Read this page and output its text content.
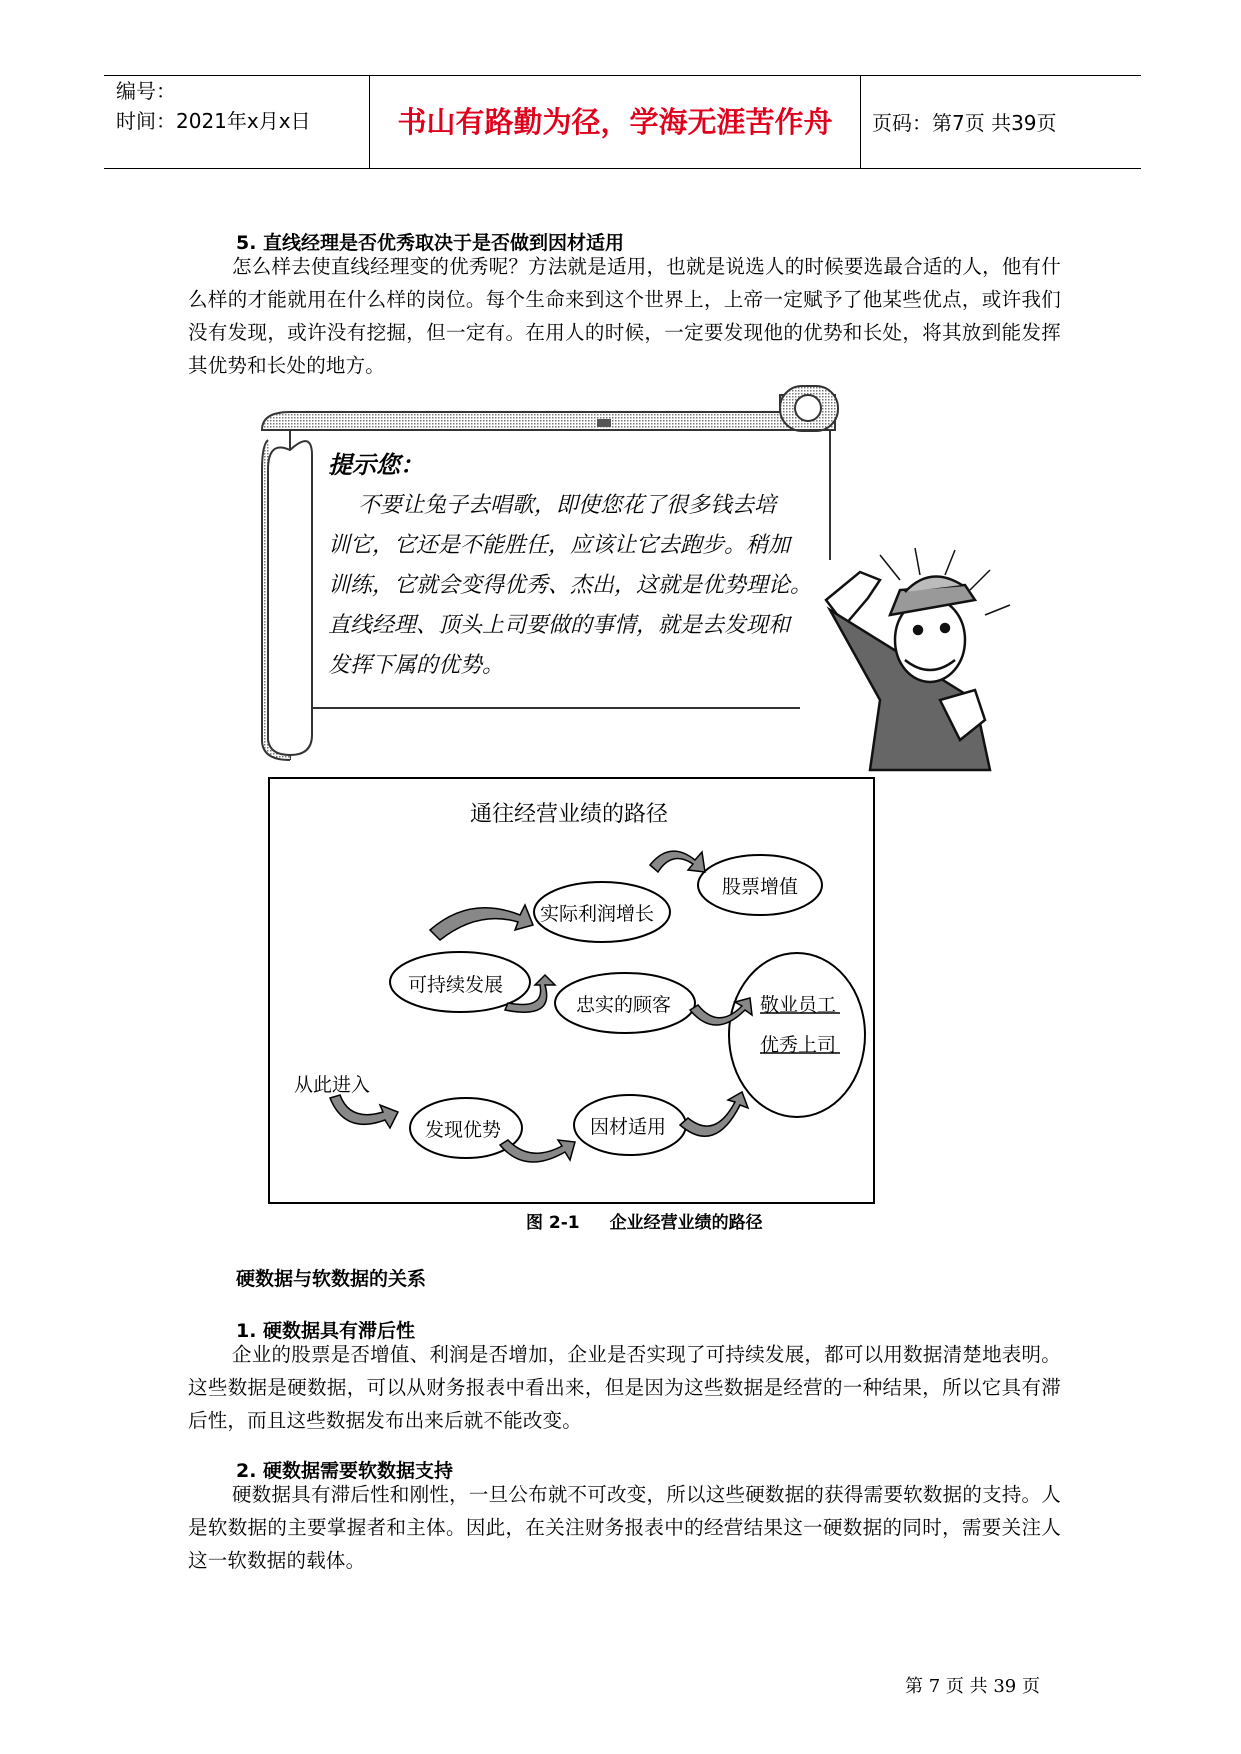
编号：
时间：2021年x月x日	书山有路勤为径，学海无涯苦作舟	页码：第7页 共39页
5. 直线经理是否优秀取决于是否做到因材适用
怎么样去使直线经理变的优秀呢？方法就是适用，也就是说选人的时候要选最合适的人，他有什么样的才能就用在什么样的岗位。每个生命来到这个世界上，上帝一定赋予了他某些优点，或许我们没有发现，或许没有挖掘，但一定有。在用人的时候，一定要发现他的优势和长处，将其放到能发挥其优势和长处的地方。
提示您：
不要让兔子去唱歌，即使您花了很多钱去培
训它，它还是不能胜任，应该让它去跑步。稍加
训练，它就会变得优秀、杰出，这就是优势理论。
直线经理、顶头上司要做的事情，就是去发现和
发挥下属的优势。
通往经营业绩的路径
股票增值
实际利润增长
可持续发展
忠实的顾客	敬业员工
优秀上司
从此进入
发现优势	因材适用
图 2-1 企业经营业绩的路径
硬数据与软数据的关系
1. 硬数据具有滞后性
企业的股票是否增值、利润是否增加，企业是否实现了可持续发展，都可以用数据清楚地表明。这些数据是硬数据，可以从财务报表中看出来，但是因为这些数据是经营的一种结果，所以它具有滞后性，而且这些数据发布出来后就不能改变。
2. 硬数据需要软数据支持
硬数据具有滞后性和刚性，一旦公布就不可改变，所以这些硬数据的获得需要软数据的支持。人是软数据的主要掌握者和主体。因此，在关注财务报表中的经营结果这一硬数据的同时，需要关注人这一软数据的载体。
第 7 页 共 39 页
